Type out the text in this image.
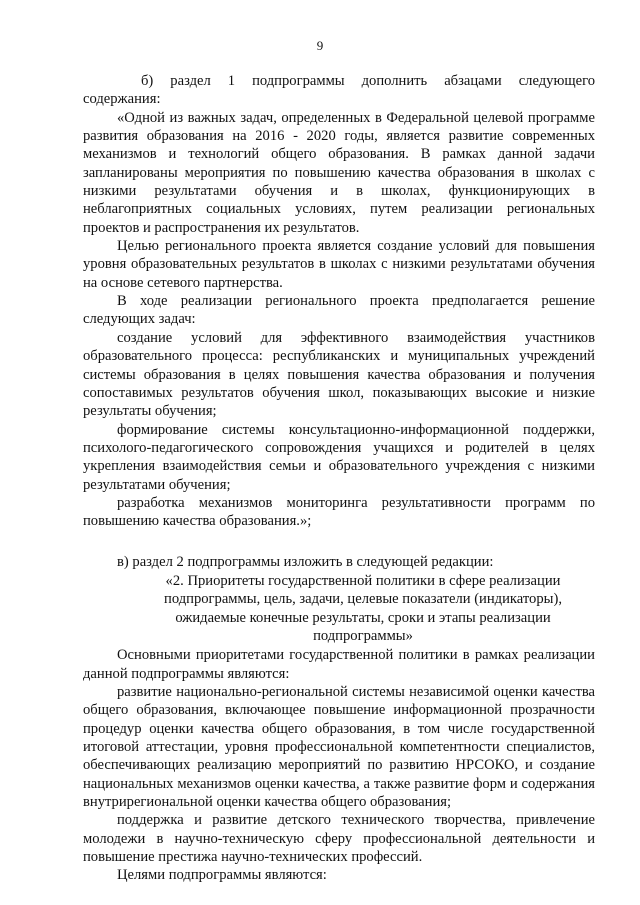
9

б) раздел 1 подпрограммы дополнить абзацами следующего содержания:

«Одной из важных задач, определенных в Федеральной целевой программе развития образования на 2016 - 2020 годы, является развитие современных механизмов и технологий общего образования. В рамках данной задачи запланированы мероприятия по повышению качества образования в школах с низкими результатами обучения и в школах, функционирующих в неблагоприятных социальных условиях, путем реализации региональных проектов и распространения их результатов.

Целью регионального проекта является создание условий для повышения уровня образовательных результатов в школах с низкими результатами обучения на основе сетевого партнерства.

В ходе реализации регионального проекта предполагается решение следующих задач:

создание условий для эффективного взаимодействия участников образовательного процесса: республиканских и муниципальных учреждений системы образования в целях повышения качества образования и получения сопоставимых результатов обучения школ, показывающих высокие и низкие результаты обучения;

формирование системы консультационно-информационной поддержки, психолого-педагогического сопровождения учащихся и родителей в целях укрепления взаимодействия семьи и образовательного учреждения с низкими результатами обучения;

разработка механизмов мониторинга результативности программ по повышению качества образования.»;

в) раздел 2 подпрограммы изложить в следующей редакции:

«2. Приоритеты государственной политики в сфере реализации подпрограммы, цель, задачи, целевые показатели (индикаторы), ожидаемые конечные результаты, сроки и этапы реализации подпрограммы»

Основными приоритетами государственной политики в рамках реализации данной подпрограммы являются:

развитие национально-региональной системы независимой оценки качества общего образования, включающее повышение информационной прозрачности процедур оценки качества общего образования, в том числе государственной итоговой аттестации, уровня профессиональной компетентности специалистов, обеспечивающих реализацию мероприятий по развитию НРСОКО, и создание национальных механизмов оценки качества, а также развитие форм и содержания внутрирегиональной оценки качества общего образования;

поддержка и развитие детского технического творчества, привлечение молодежи в научно-техническую сферу профессиональной деятельности и повышение престижа научно-технических профессий.

Целями подпрограммы являются:
